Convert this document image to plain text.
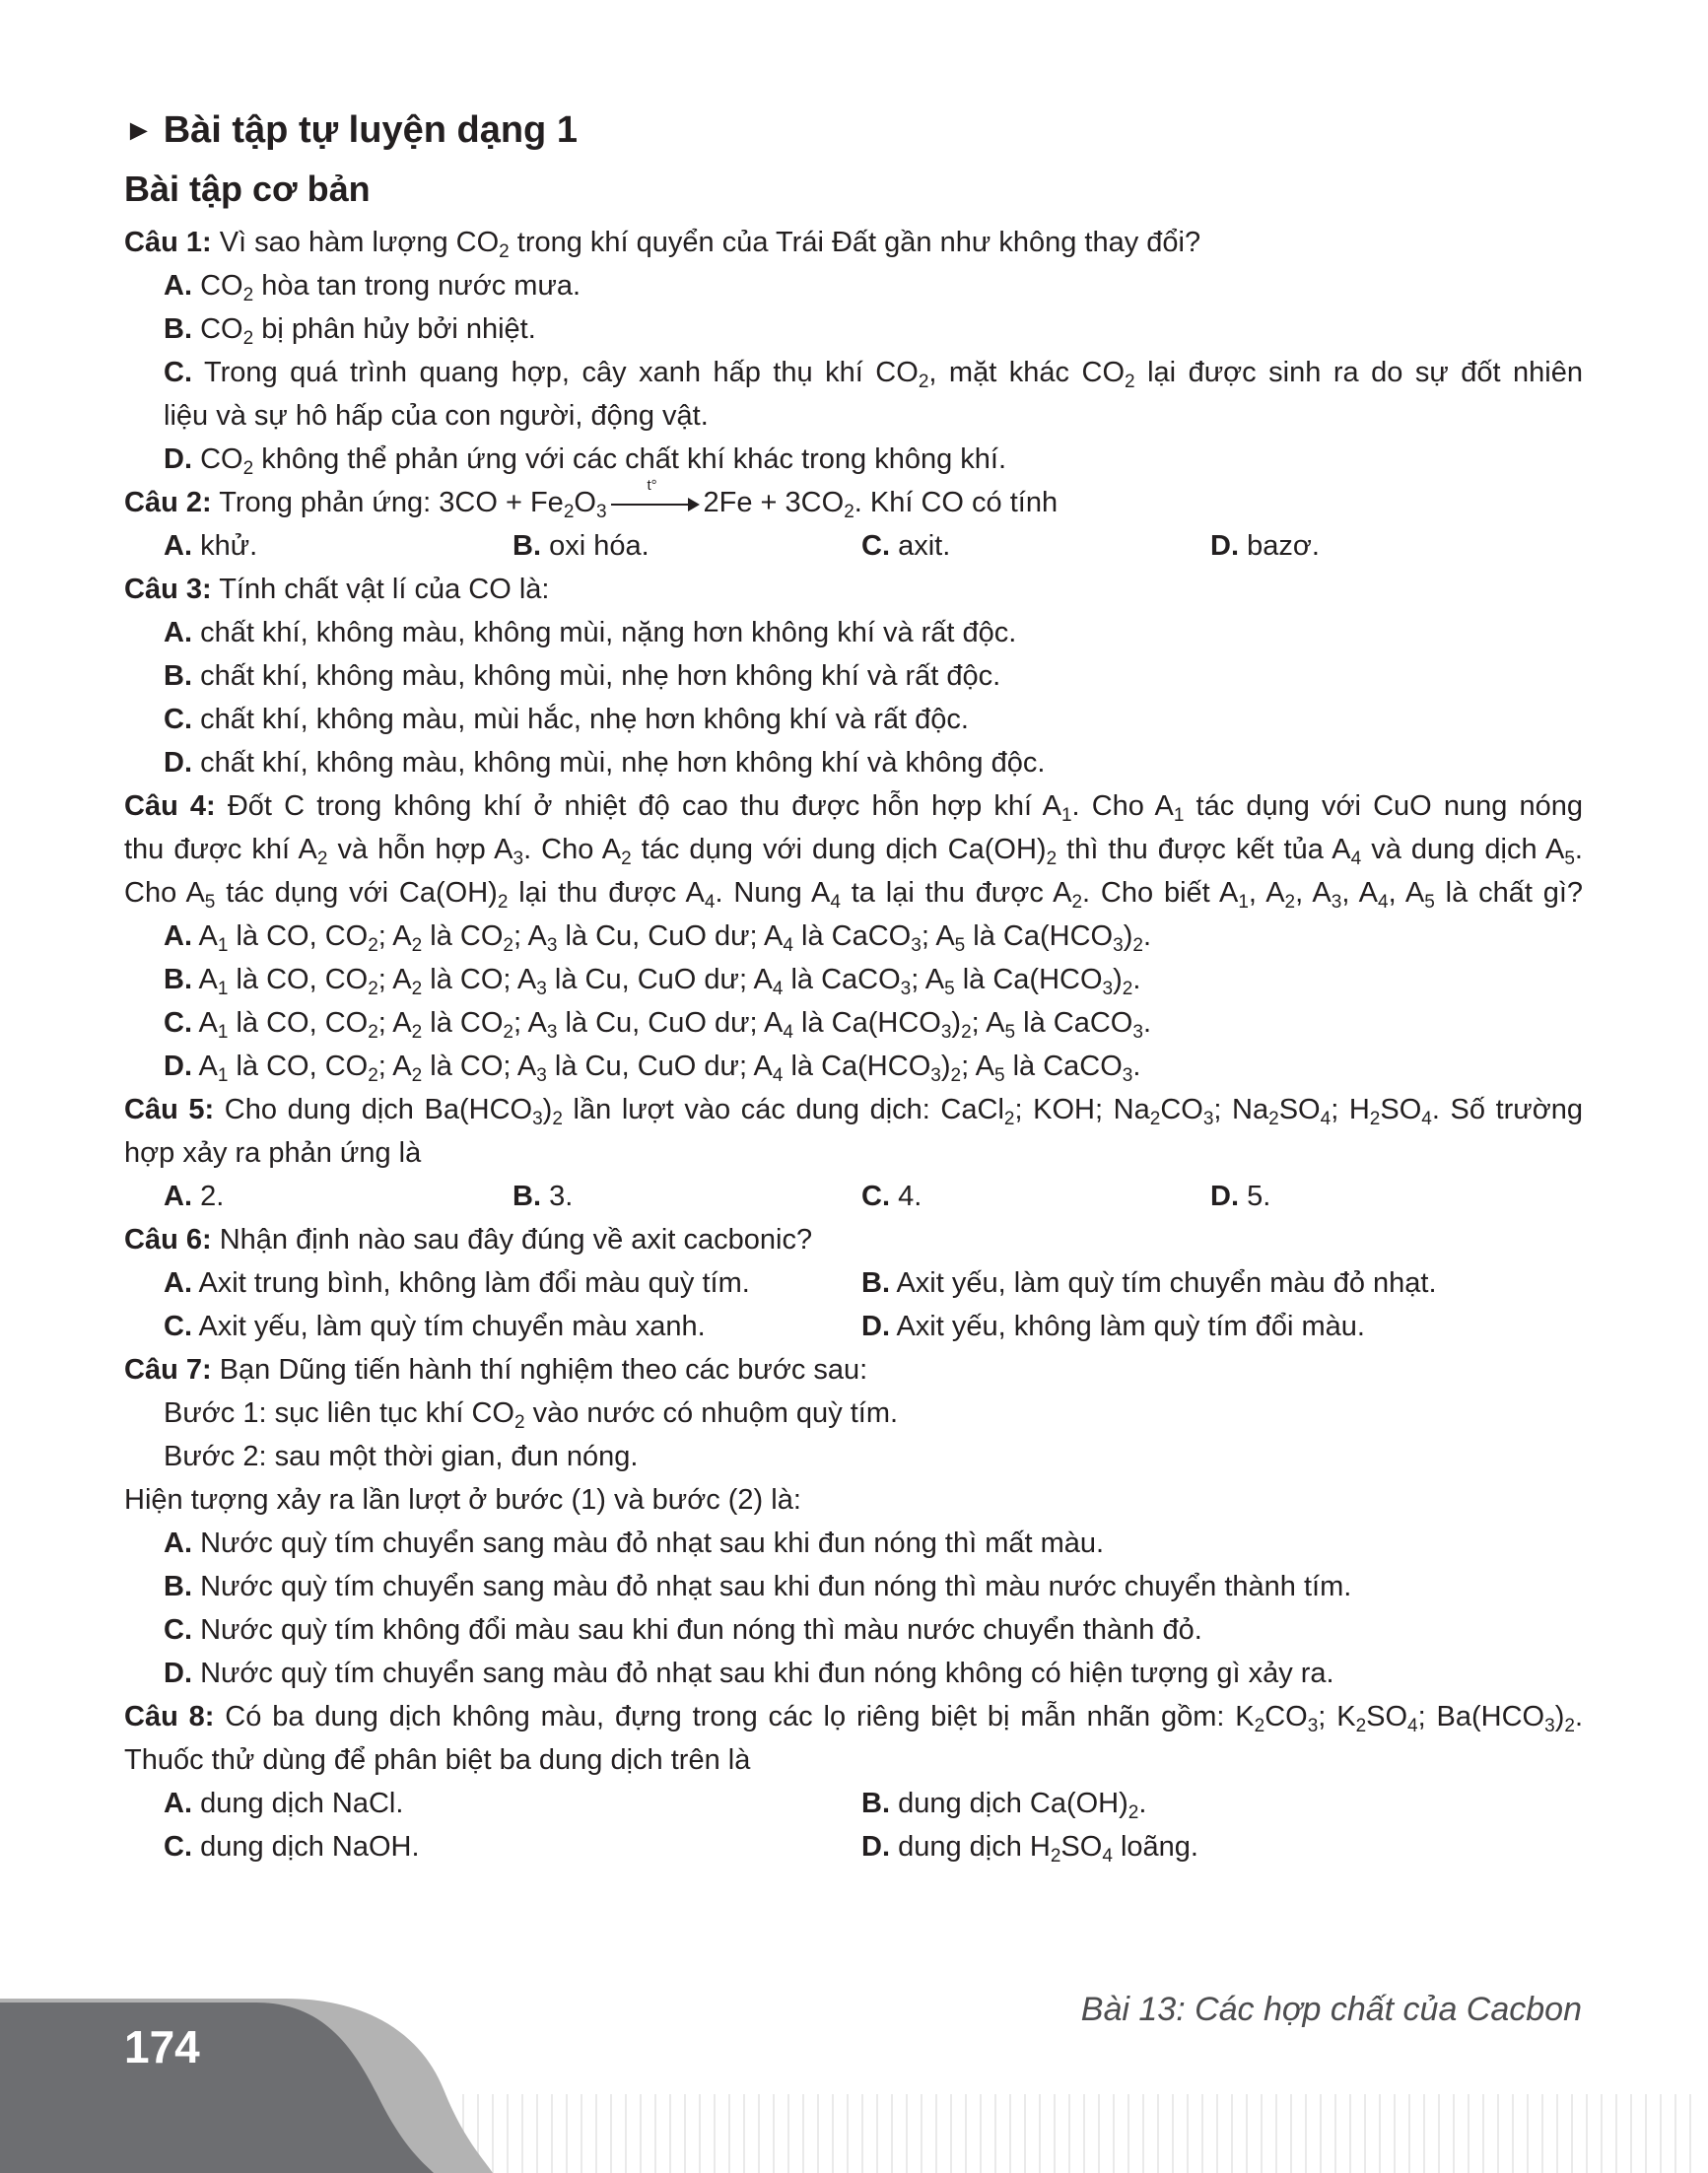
► Bài tập tự luyện dạng 1
Bài tập cơ bản
Câu 1: Vì sao hàm lượng $CO_2$ trong khí quyển của Trái Đất gần như không thay đổi?
A. $CO_2$ hòa tan trong nước mưa.
B. $CO_2$ bị phân hủy bởi nhiệt.
C. Trong quá trình quang hợp, cây xanh hấp thụ khí $CO_2$, mặt khác $CO_2$ lại được sinh ra do sự đốt nhiên
liệu và sự hô hấp của con người, động vật.
D. $CO_2$ không thể phản ứng với các chất khí khác trong không khí.
Câu 2: Trong phản ứng: $3CO + Fe_2O_3$
t°
$2Fe + 3CO_2$. Khí CO có tính
A. khử.	B. oxi hóa.	C. axit.	D. bazơ.
Câu 3: Tính chất vật lí của CO là:
A. chất khí, không màu, không mùi, nặng hơn không khí và rất độc.
B. chất khí, không màu, không mùi, nhẹ hơn không khí và rất độc.
C. chất khí, không màu, mùi hắc, nhẹ hơn không khí và rất độc.
D. chất khí, không màu, không mùi, nhẹ hơn không khí và không độc.
Câu 4: Đốt C trong không khí ở nhiệt độ cao thu được hỗn hợp khí $A_1$. Cho $A_1$ tác dụng với CuO nung nóng
thu được khí $A_2$ và hỗn hợp $A_3$. Cho $A_2$ tác dụng với dung dịch $Ca(OH)_2$ thì thu được kết tủa $A_4$ và dung dịch $A_5$.
Cho $A_5$ tác dụng với $Ca(OH)_2$ lại thu được $A_4$. Nung $A_4$ ta lại thu được $A_2$. Cho biết $A_1$, $A_2$, $A_3$, $A_4$, $A_5$ là chất gì?
A. $A_1$ là CO, $CO_2$; $A_2$ là $CO_2$; $A_3$ là Cu, CuO dư; $A_4$ là CaCO$_3$; $A_5$ là $Ca(HCO_3)_2$.
B. $A_1$ là CO, $CO_2$; $A_2$ là CO; $A_3$ là Cu, CuO dư; $A_4$ là CaCO$_3$; $A_5$ là $Ca(HCO_3)_2$.
C. $A_1$ là CO, $CO_2$; $A_2$ là $CO_2$; $A_3$ là Cu, CuO dư; $A_4$ là $Ca(HCO_3)_2$; $A_5$ là CaCO$_3$.
D. $A_1$ là CO, $CO_2$; $A_2$ là CO; $A_3$ là Cu, CuO dư; $A_4$ là $Ca(HCO_3)_2$; $A_5$ là CaCO$_3$.
Câu 5: Cho dung dịch $Ba(HCO_3)_2$ lần lượt vào các dung dịch: CaCl$_2$; KOH; $Na_2CO_3$; $Na_2SO_4$; $H_2SO_4$. Số trường
hợp xảy ra phản ứng là
A. 2.	B. 3.	C. 4.	D. 5.
Câu 6: Nhận định nào sau đây đúng về axit cacbonic?
A. Axit trung bình, không làm đổi màu quỳ tím.	B. Axit yếu, làm quỳ tím chuyển màu đỏ nhạt.
C. Axit yếu, làm quỳ tím chuyển màu xanh.	D. Axit yếu, không làm quỳ tím đổi màu.
Câu 7: Bạn Dũng tiến hành thí nghiệm theo các bước sau:
Bước 1: sục liên tục khí $CO_2$ vào nước có nhuộm quỳ tím.
Bước 2: sau một thời gian, đun nóng.
Hiện tượng xảy ra lần lượt ở bước (1) và bước (2) là:
A. Nước quỳ tím chuyển sang màu đỏ nhạt sau khi đun nóng thì mất màu.
B. Nước quỳ tím chuyển sang màu đỏ nhạt sau khi đun nóng thì màu nước chuyển thành tím.
C. Nước quỳ tím không đổi màu sau khi đun nóng thì màu nước chuyển thành đỏ.
D. Nước quỳ tím chuyển sang màu đỏ nhạt sau khi đun nóng không có hiện tượng gì xảy ra.
Câu 8: Có ba dung dịch không màu, đựng trong các lọ riêng biệt bị mẫn nhãn gồm: $K_2CO_3$; $K_2SO_4$; $Ba(HCO_3)_2$.
Thuốc thử dùng để phân biệt ba dung dịch trên là
A. dung dịch NaCl.	B. dung dịch $Ca(OH)_2$.
C. dung dịch NaOH.	D. dung dịch $H_2SO_4$ loãng.
174
Bài 13: Các hợp chất của Cacbon
